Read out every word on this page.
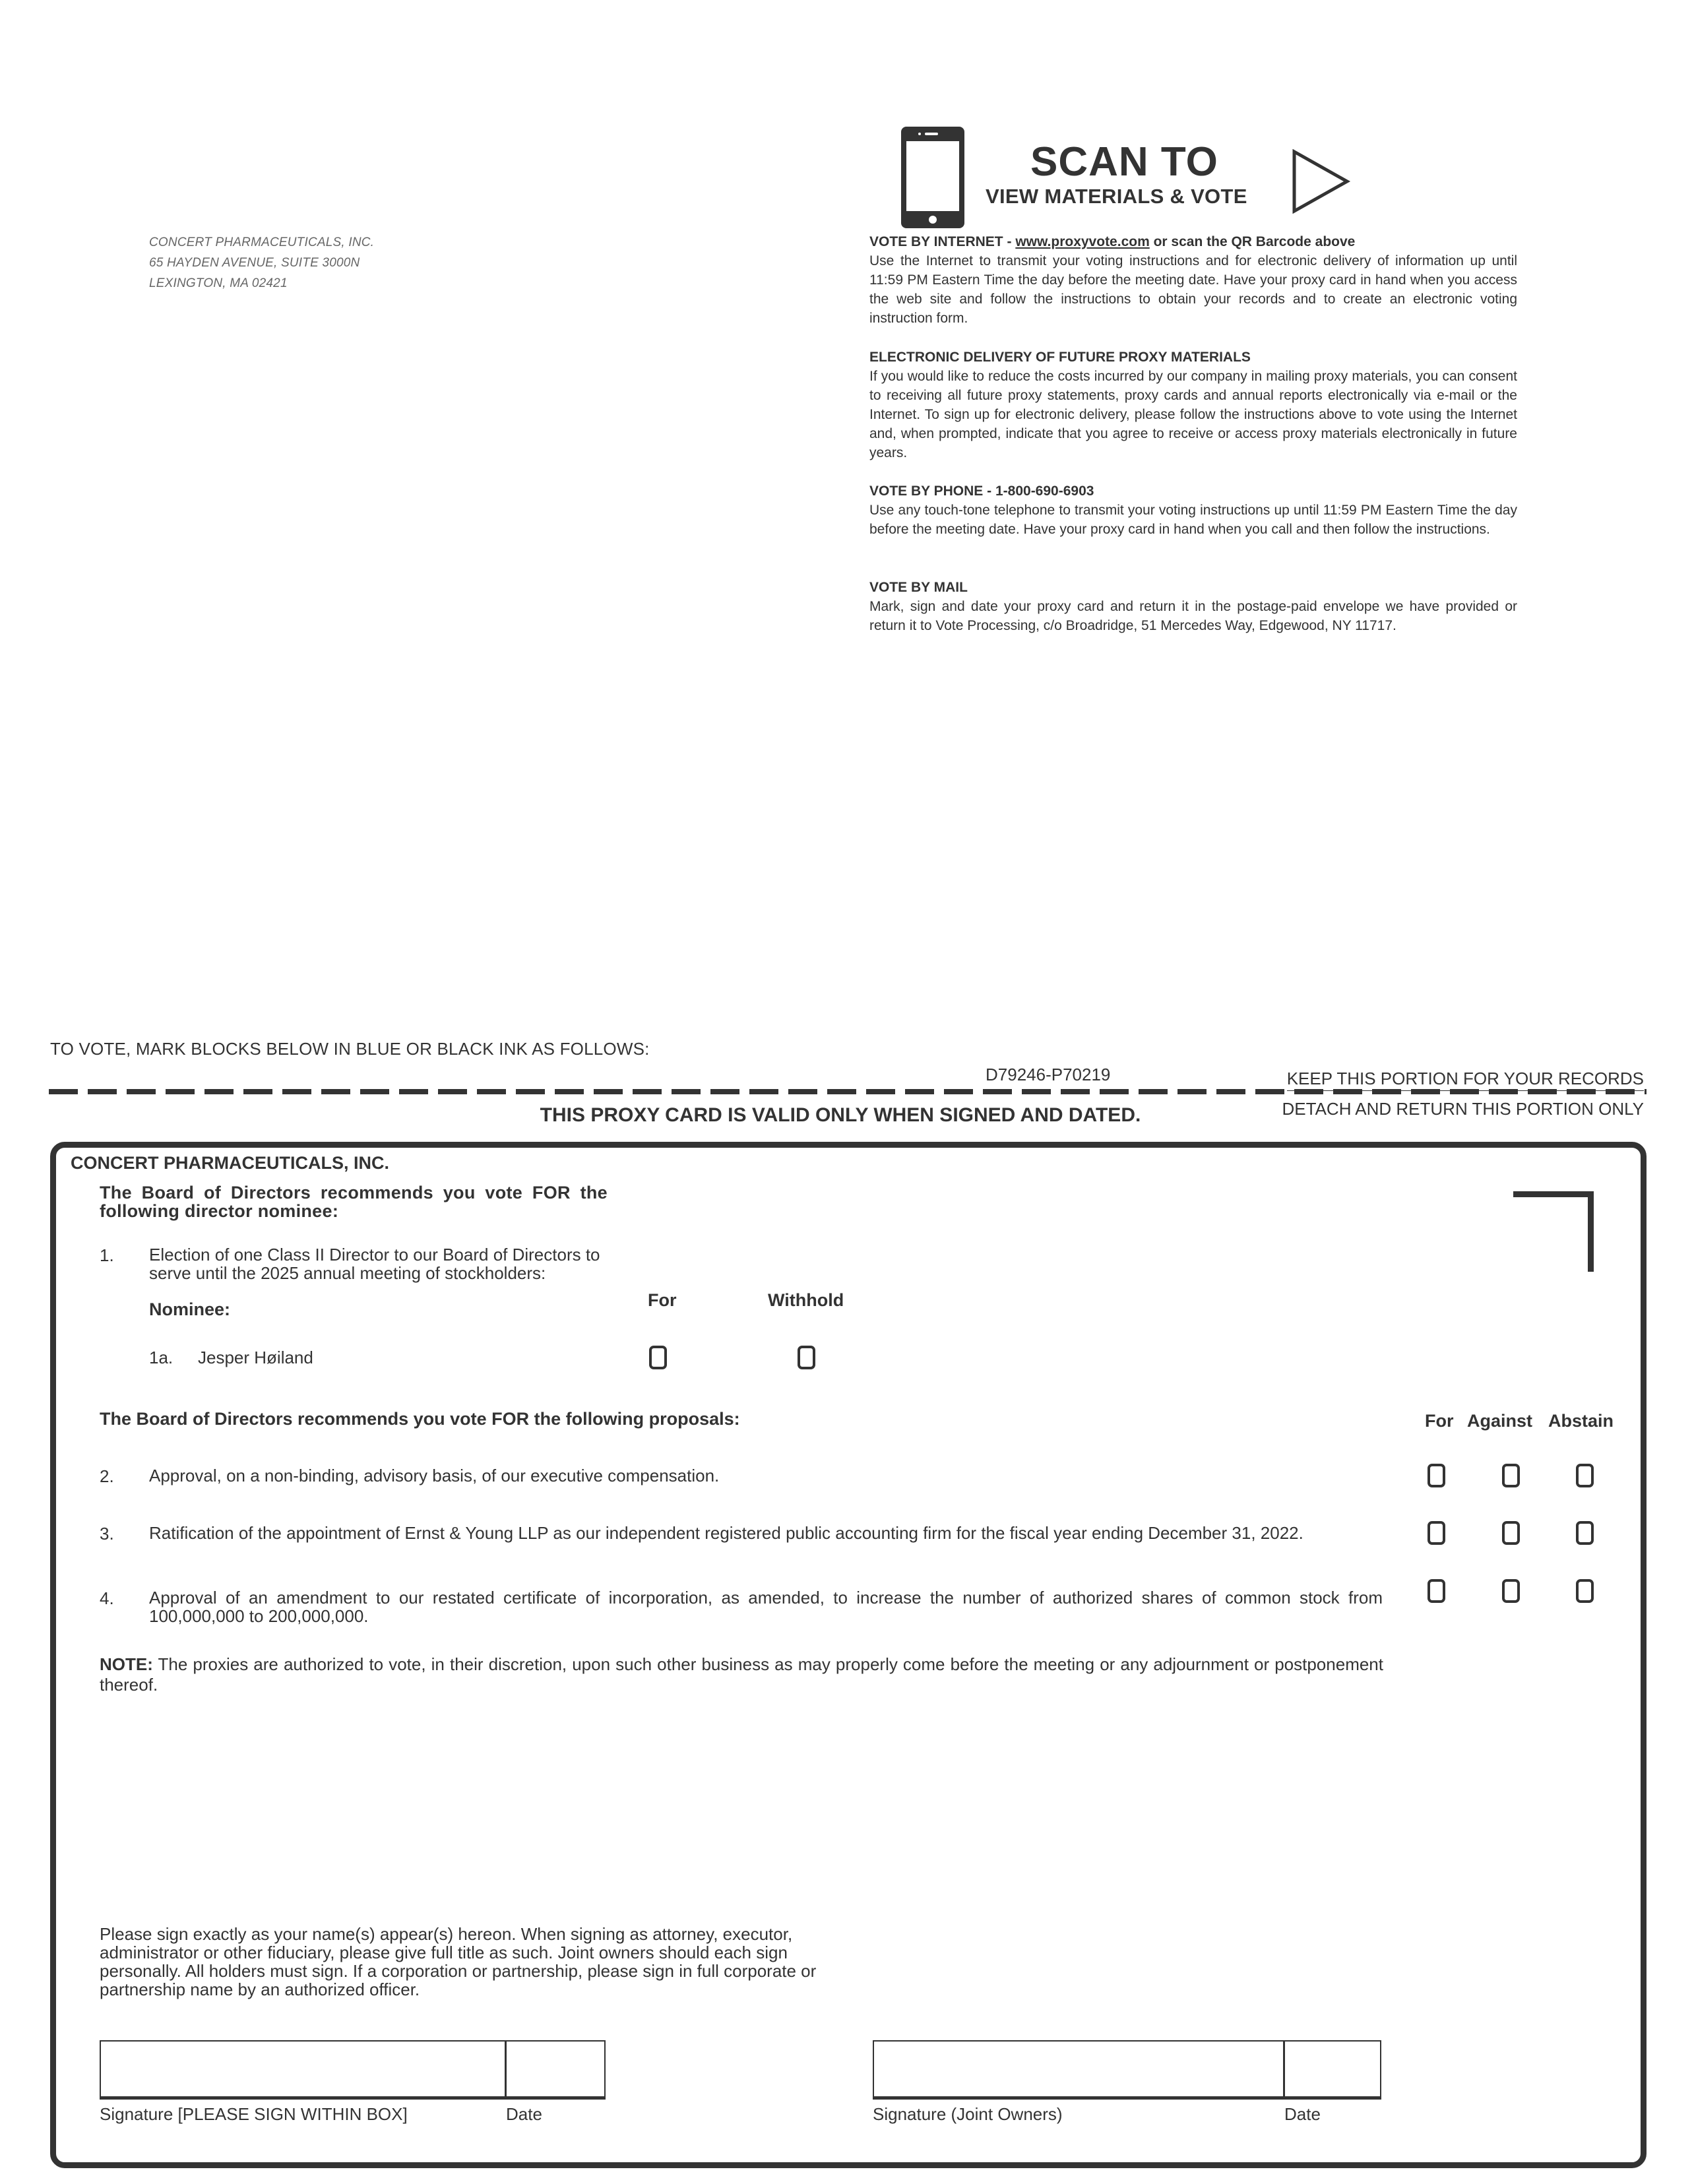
CONCERT PHARMACEUTICALS, INC.
65 HAYDEN AVENUE, SUITE 3000N
LEXINGTON, MA 02421
SCAN TO
VIEW MATERIALS & VOTE
VOTE BY INTERNET - www.proxyvote.com or scan the QR Barcode above
Use the Internet to transmit your voting instructions and for electronic delivery of information up until 11:59 PM Eastern Time the day before the meeting date. Have your proxy card in hand when you access the web site and follow the instructions to obtain your records and to create an electronic voting instruction form.
ELECTRONIC DELIVERY OF FUTURE PROXY MATERIALS
If you would like to reduce the costs incurred by our company in mailing proxy materials, you can consent to receiving all future proxy statements, proxy cards and annual reports electronically via e-mail or the Internet. To sign up for electronic delivery, please follow the instructions above to vote using the Internet and, when prompted, indicate that you agree to receive or access proxy materials electronically in future years.
VOTE BY PHONE - 1-800-690-6903
Use any touch-tone telephone to transmit your voting instructions up until 11:59 PM Eastern Time the day before the meeting date. Have your proxy card in hand when you call and then follow the instructions.
VOTE BY MAIL
Mark, sign and date your proxy card and return it in the postage-paid envelope we have provided or return it to Vote Processing, c/o Broadridge, 51 Mercedes Way, Edgewood, NY 11717.
TO VOTE, MARK BLOCKS BELOW IN BLUE OR BLACK INK AS FOLLOWS:
D79246-P70219	KEEP THIS PORTION FOR YOUR RECORDS
DETACH AND RETURN THIS PORTION ONLY
THIS PROXY CARD IS VALID ONLY WHEN SIGNED AND DATED.
CONCERT PHARMACEUTICALS, INC.
The Board of Directors recommends you vote FOR the following director nominee:
1. Election of one Class II Director to our Board of Directors to serve until the 2025 annual meeting of stockholders:
Nominee:	For	Withhold
1a. Jesper Høiland
The Board of Directors recommends you vote FOR the following proposals:	For Against Abstain
2. Approval, on a non-binding, advisory basis, of our executive compensation.
3. Ratification of the appointment of Ernst & Young LLP as our independent registered public accounting firm for the fiscal year ending December 31, 2022.
4. Approval of an amendment to our restated certificate of incorporation, as amended, to increase the number of authorized shares of common stock from 100,000,000 to 200,000,000.
NOTE: The proxies are authorized to vote, in their discretion, upon such other business as may properly come before the meeting or any adjournment or postponement thereof.
Please sign exactly as your name(s) appear(s) hereon. When signing as attorney, executor, administrator or other fiduciary, please give full title as such. Joint owners should each sign personally. All holders must sign. If a corporation or partnership, please sign in full corporate or partnership name by an authorized officer.
Signature [PLEASE SIGN WITHIN BOX]	Date	Signature (Joint Owners)	Date
